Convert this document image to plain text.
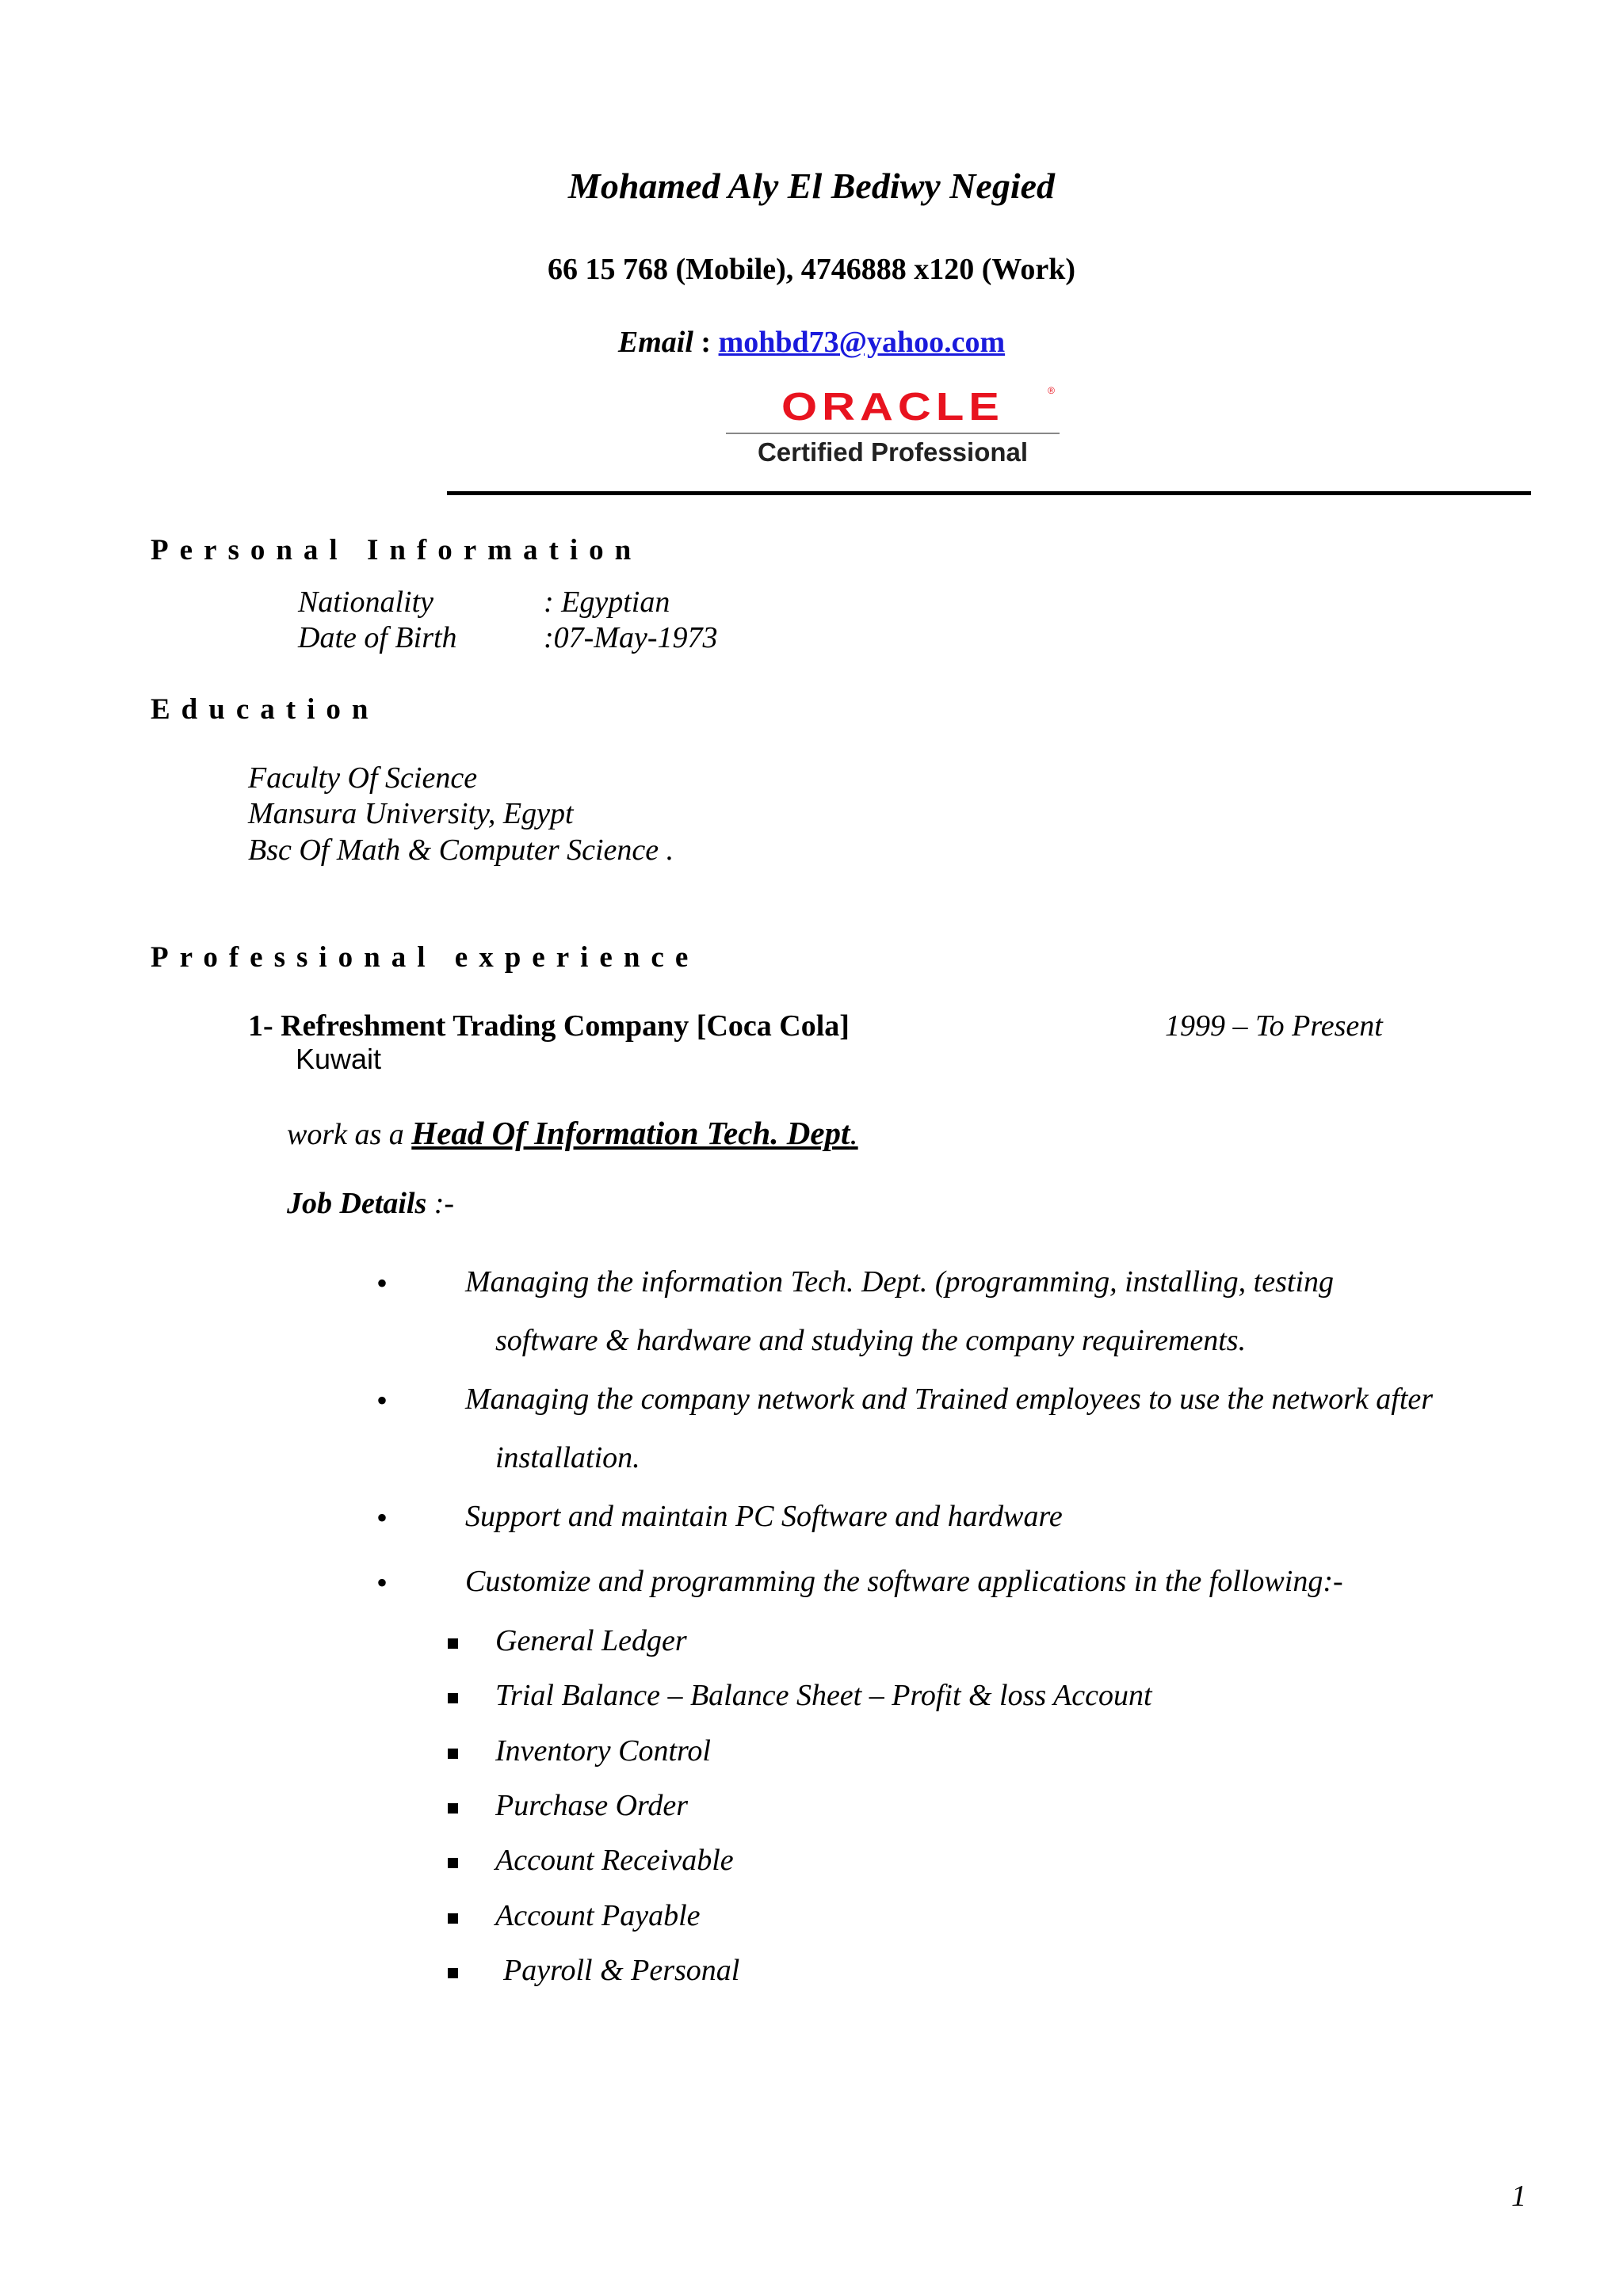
Mohamed Aly El Bediwy Negied
66 15 768 (Mobile), 4746888 x120 (Work)
Email : mohbd73@yahoo.com
ORACLE	®
Certified Professional
Personal Information
Nationality	: Egyptian
Date of Birth	:07-May-1973
Education
Faculty Of Science
Mansura University, Egypt
Bsc Of Math & Computer Science .
Professional experience
1- Refreshment Trading Company [Coca Cola]	1999 – To Present
Kuwait
work as a Head Of Information Tech. Dept.
Job Details :-
•	Managing the information Tech. Dept. (programming, installing, testing
software & hardware and studying the company requirements.
•	Managing the company network and Trained employees to use the network after
installation.
•	Support and maintain PC Software and hardware
•	Customize and programming the software applications in the following:-
General Ledger
Trial Balance – Balance Sheet – Profit & loss Account
Inventory Control
Purchase Order
Account Receivable
Account Payable
Payroll & Personal
1
